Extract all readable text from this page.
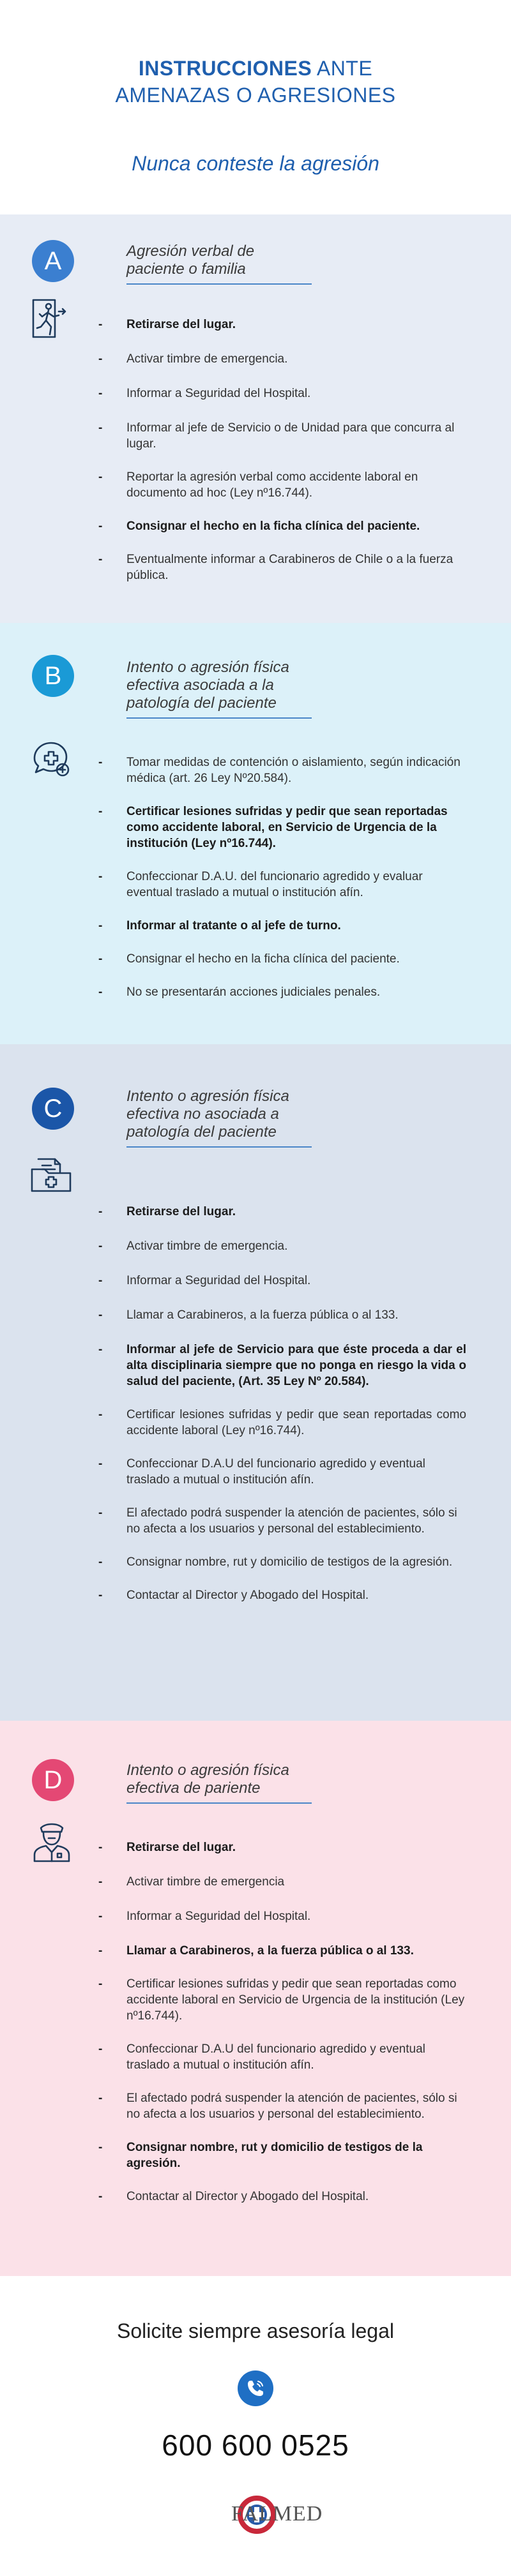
INSTRUCCIONES ANTE
AMENAZAS O AGRESIONES
Nunca conteste la agresión
A	Agresión verbal de paciente o familia
- Retirarse del lugar.
- Activar timbre de emergencia.
- Informar a Seguridad del Hospital.
- Informar al jefe de Servicio o de Unidad para que concurra al lugar.
- Reportar la agresión verbal como accidente laboral en documento ad hoc (Ley nº16.744).
- Consignar el hecho en la ficha clínica del paciente.
- Eventualmente informar a Carabineros de Chile o a la fuerza pública.
B	Intento o agresión física efectiva asociada a la patología del paciente
- Tomar medidas de contención o aislamiento, según indicación médica (art. 26 Ley Nº20.584).
- Certificar lesiones sufridas y pedir que sean reportadas como accidente laboral, en Servicio de Urgencia de la institución (Ley nº16.744).
- Confeccionar D.A.U. del funcionario agredido y evaluar eventual traslado a mutual o institución afín.
- Informar al tratante o al jefe de turno.
- Consignar el hecho en la ficha clínica del paciente.
- No se presentarán acciones judiciales penales.
C	Intento o agresión física efectiva no asociada a patología del paciente
- Retirarse del lugar.
- Activar timbre de emergencia.
- Informar a Seguridad del Hospital.
- Llamar a Carabineros, a la fuerza pública o al 133.
- Informar al jefe de Servicio para que éste proceda a dar el alta disciplinaria siempre que no ponga en riesgo la vida o salud del paciente, (Art. 35 Ley Nº 20.584).
- Certificar lesiones sufridas y pedir que sean reportadas como accidente laboral (Ley nº16.744).
- Confeccionar D.A.U del funcionario agredido y eventual traslado a mutual o institución afín.
- El afectado podrá suspender la atención de pacientes, sólo si no afecta a los usuarios y personal del establecimiento.
- Consignar nombre, rut y domicilio de testigos de la agresión.
- Contactar al Director y Abogado del Hospital.
D	Intento o agresión física efectiva de pariente
- Retirarse del lugar.
- Activar timbre de emergencia
- Informar a Seguridad del Hospital.
- Llamar a Carabineros, a la fuerza pública o al 133.
- Certificar lesiones sufridas y pedir que sean reportadas como accidente laboral en Servicio de Urgencia de la institución (Ley nº16.744).
- Confeccionar D.A.U del funcionario agredido y eventual traslado a mutual o institución afín.
- El afectado podrá suspender la atención de pacientes, sólo si no afecta a los usuarios y personal del establecimiento.
- Consignar nombre, rut y domicilio de testigos de la agresión.
- Contactar al Director y Abogado del Hospital.
Solicite siempre asesoría legal
600 600 0525
FALMED
